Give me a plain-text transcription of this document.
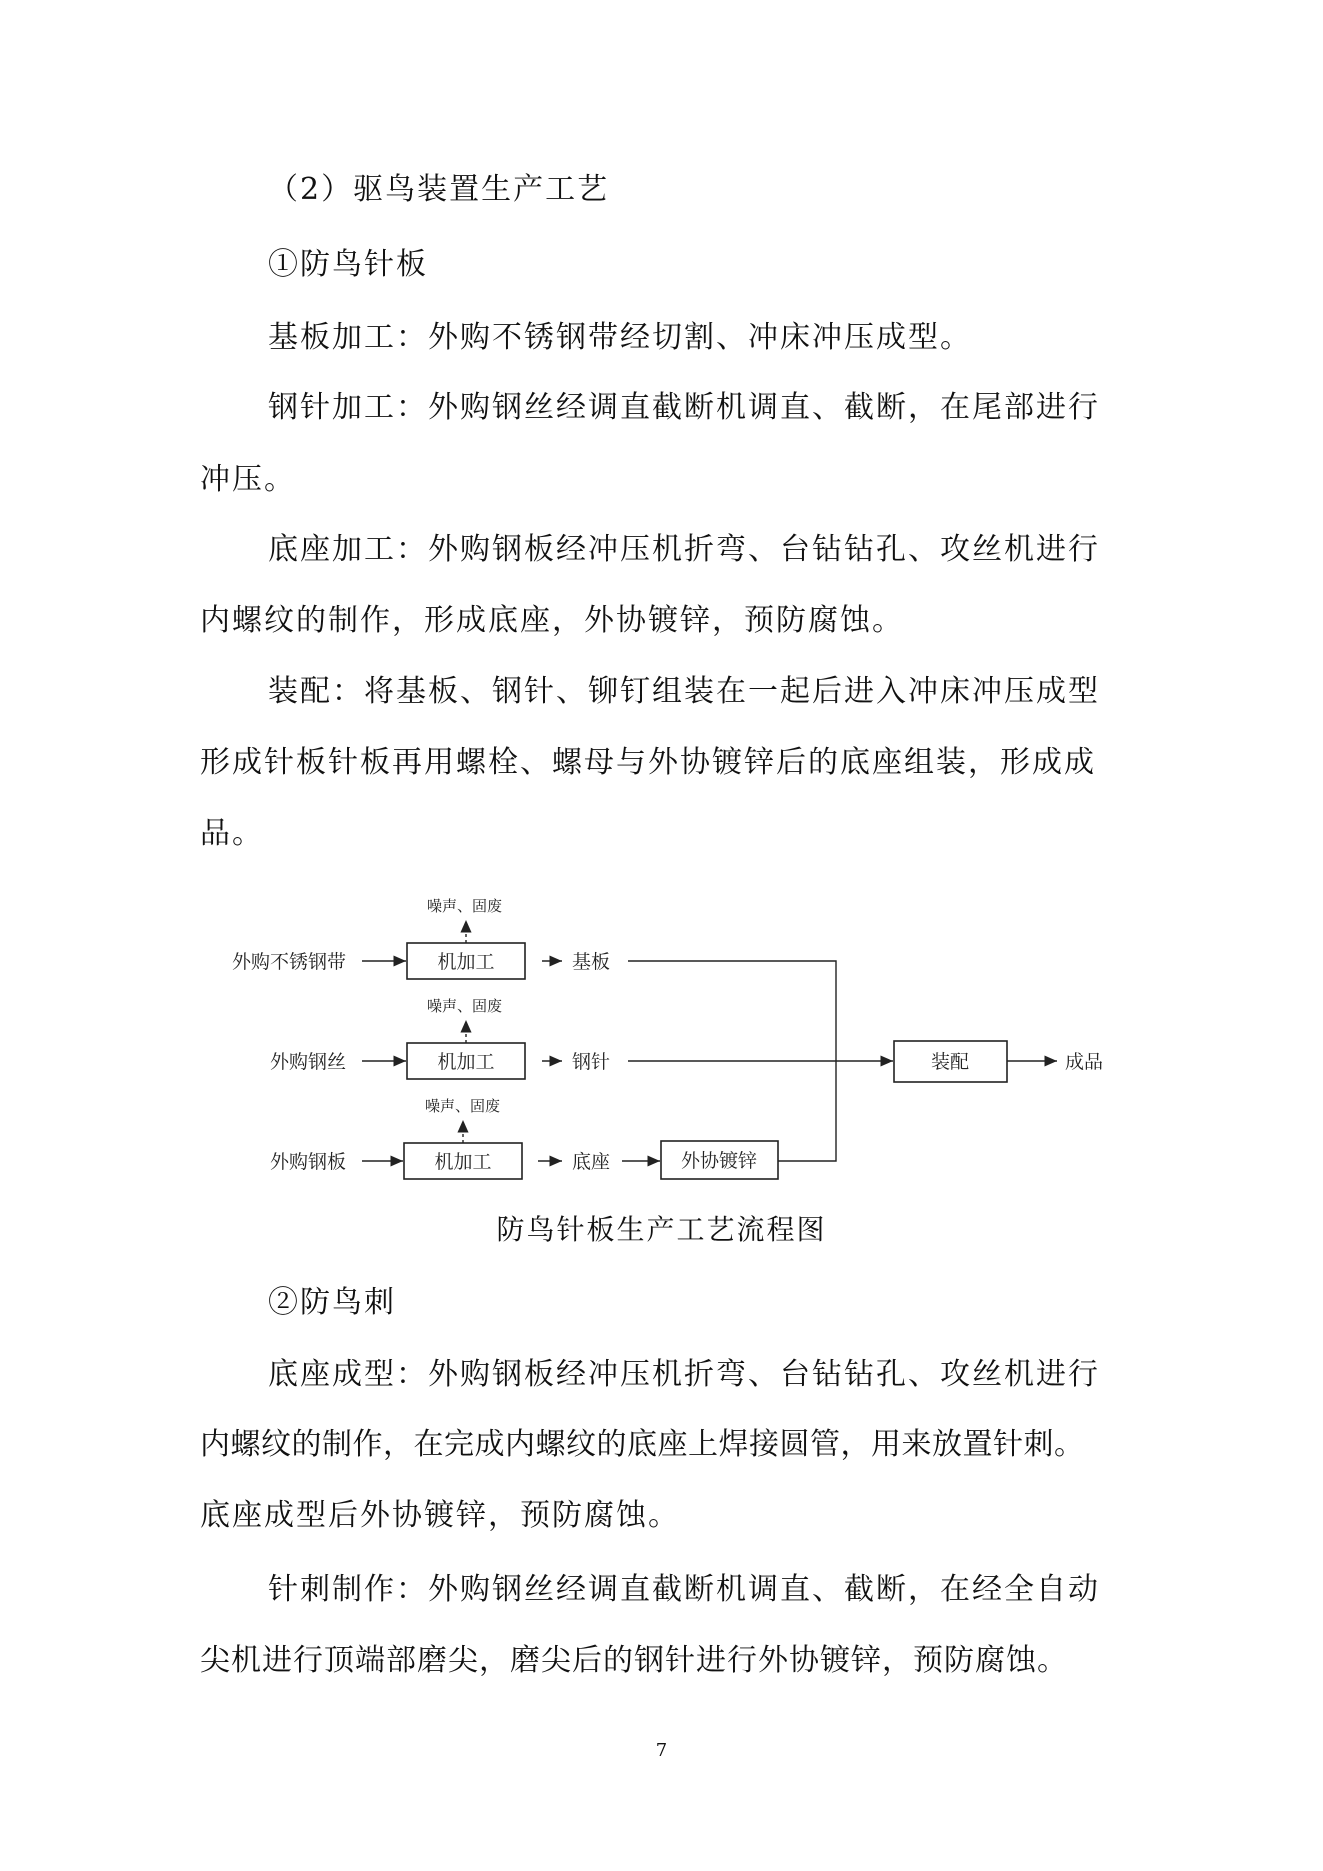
（2）驱鸟装置生产工艺
①防鸟针板
基板加工：外购不锈钢带经切割、冲床冲压成型。
钢针加工：外购钢丝经调直截断机调直、截断，在尾部进行
冲压。
底座加工：外购钢板经冲压机折弯、台钻钻孔、攻丝机进行
内螺纹的制作，形成底座，外协镀锌，预防腐蚀。
装配：将基板、钢针、铆钉组装在一起后进入冲床冲压成型
形成针板针板再用螺栓、螺母与外协镀锌后的底座组装，形成成
品。
外购不锈钢带	机加工
噪声、固废
基板
外购钢丝	机加工
噪声、固废
钢针
外购钢板	机加工
噪声、固废
底座	外协镀锌
装配	成品
防鸟针板生产工艺流程图
②防鸟刺
底座成型：外购钢板经冲压机折弯、台钻钻孔、攻丝机进行
内螺纹的制作，在完成内螺纹的底座上焊接圆管，用来放置针刺。
底座成型后外协镀锌，预防腐蚀。
针刺制作：外购钢丝经调直截断机调直、截断，在经全自动
尖机进行顶端部磨尖，磨尖后的钢针进行外协镀锌，预防腐蚀。
7
